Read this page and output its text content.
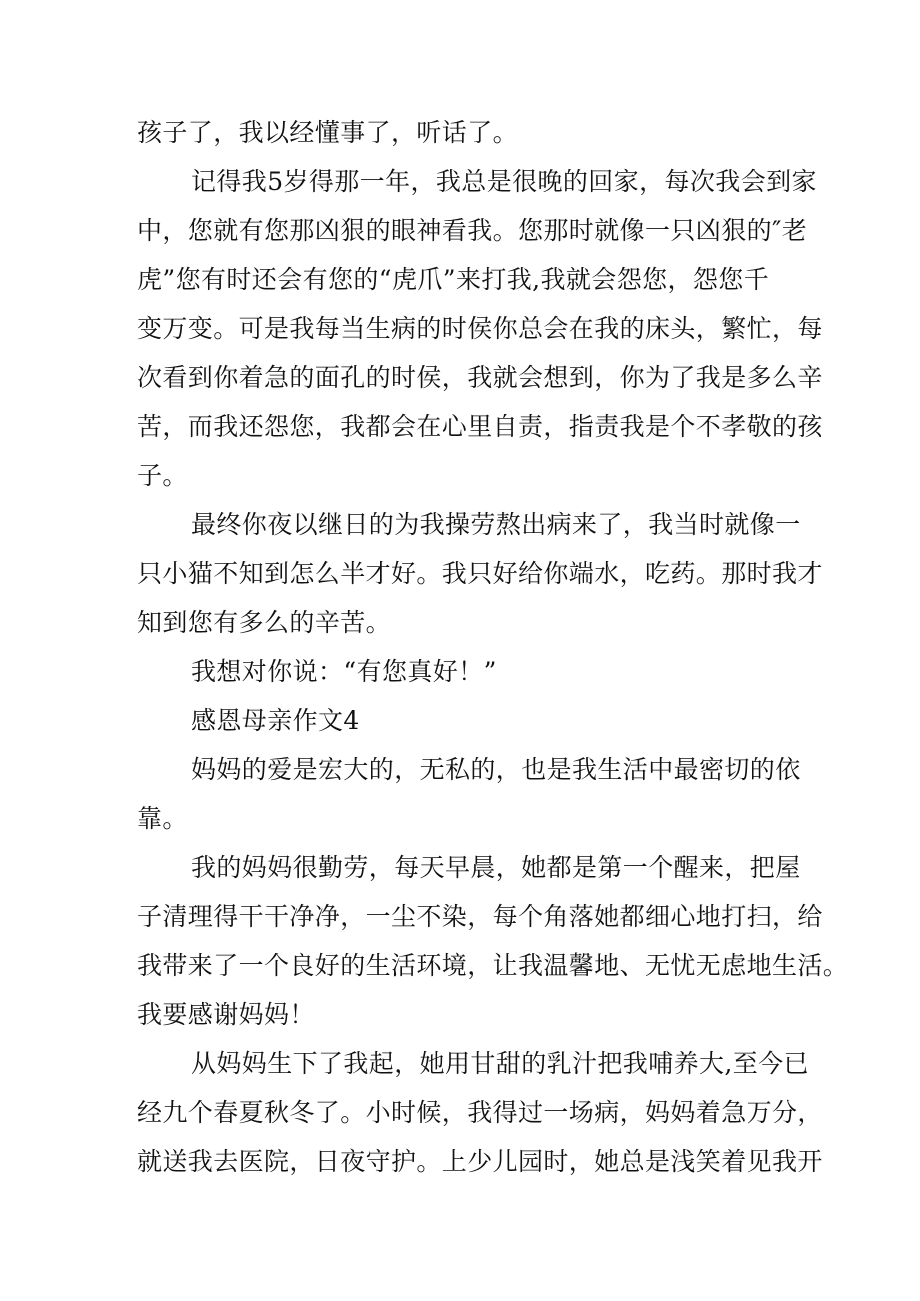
孩子了，我以经懂事了，听话了。
记得我5岁得那一年，我总是很晚的回家，每次我会到家
中，您就有您那凶狠的眼神看我。您那时就像一只凶狠的″老
虎”您有时还会有您的“虎爪”来打我,我就会怨您，怨您千
变万变。可是我每当生病的时侯你总会在我的床头，繁忙，每
次看到你着急的面孔的时侯，我就会想到，你为了我是多么辛
苦，而我还怨您，我都会在心里自责，指责我是个不孝敬的孩
子。
最终你夜以继日的为我操劳熬出病来了，我当时就像一
只小猫不知到怎么半才好。我只好给你端水，吃药。那时我才
知到您有多么的辛苦。
我想对你说：“有您真好！”
感恩母亲作文4
妈妈的爱是宏大的，无私的，也是我生活中最密切的依
靠。
我的妈妈很勤劳，每天早晨，她都是第一个醒来，把屋
子清理得干干净净，一尘不染，每个角落她都细心地打扫，给
我带来了一个良好的生活环境，让我温馨地、无忧无虑地生活。
我要感谢妈妈！
从妈妈生下了我起，她用甘甜的乳汁把我哺养大,至今已
经九个春夏秋冬了。小时候，我得过一场病，妈妈着急万分，
就送我去医院，日夜守护。上少儿园时，她总是浅笑着见我开
